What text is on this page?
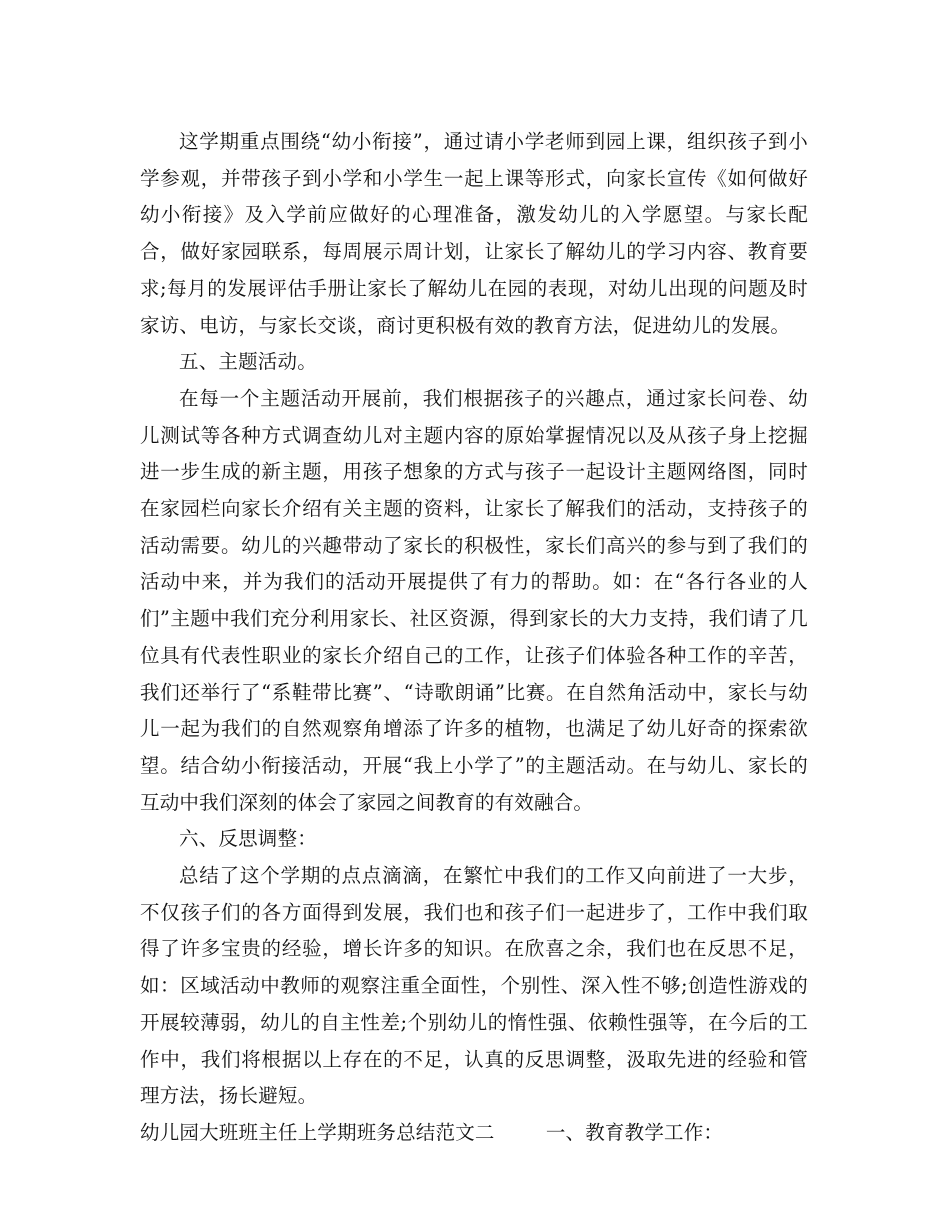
这学期重点围绕“幼小衔接”，通过请小学老师到园上课，组织孩子到小学参观，并带孩子到小学和小学生一起上课等形式，向家长宣传《如何做好幼小衔接》及入学前应做好的心理准备，激发幼儿的入学愿望。与家长配合，做好家园联系，每周展示周计划，让家长了解幼儿的学习内容、教育要求;每月的发展评估手册让家长了解幼儿在园的表现，对幼儿出现的问题及时家访、电访，与家长交谈，商讨更积极有效的教育方法，促进幼儿的发展。

五、主题活动。

在每一个主题活动开展前，我们根据孩子的兴趣点，通过家长问卷、幼儿测试等各种方式调查幼儿对主题内容的原始掌握情况以及从孩子身上挖掘进一步生成的新主题，用孩子想象的方式与孩子一起设计主题网络图，同时在家园栏向家长介绍有关主题的资料，让家长了解我们的活动，支持孩子的活动需要。幼儿的兴趣带动了家长的积极性，家长们高兴的参与到了我们的活动中来，并为我们的活动开展提供了有力的帮助。如：在“各行各业的人们”主题中我们充分利用家长、社区资源，得到家长的大力支持，我们请了几位具有代表性职业的家长介绍自己的工作，让孩子们体验各种工作的辛苦，我们还举行了“系鞋带比赛”、“诗歌朗诵”比赛。在自然角活动中，家长与幼儿一起为我们的自然观察角增添了许多的植物，也满足了幼儿好奇的探索欲望。结合幼小衔接活动，开展“我上小学了”的主题活动。在与幼儿、家长的互动中我们深刻的体会了家园之间教育的有效融合。

六、反思调整：

总结了这个学期的点点滴滴，在繁忙中我们的工作又向前进了一大步，不仅孩子们的各方面得到发展，我们也和孩子们一起进步了，工作中我们取得了许多宝贵的经验，增长许多的知识。在欣喜之余，我们也在反思不足，如：区域活动中教师的观察注重全面性，个别性、深入性不够;创造性游戏的开展较薄弱，幼儿的自主性差;个别幼儿的惰性强、依赖性强等，在今后的工作中，我们将根据以上存在的不足，认真的反思调整，汲取先进的经验和管理方法，扬长避短。

幼儿园大班班主任上学期班务总结范文二	一、教育教学工作：
